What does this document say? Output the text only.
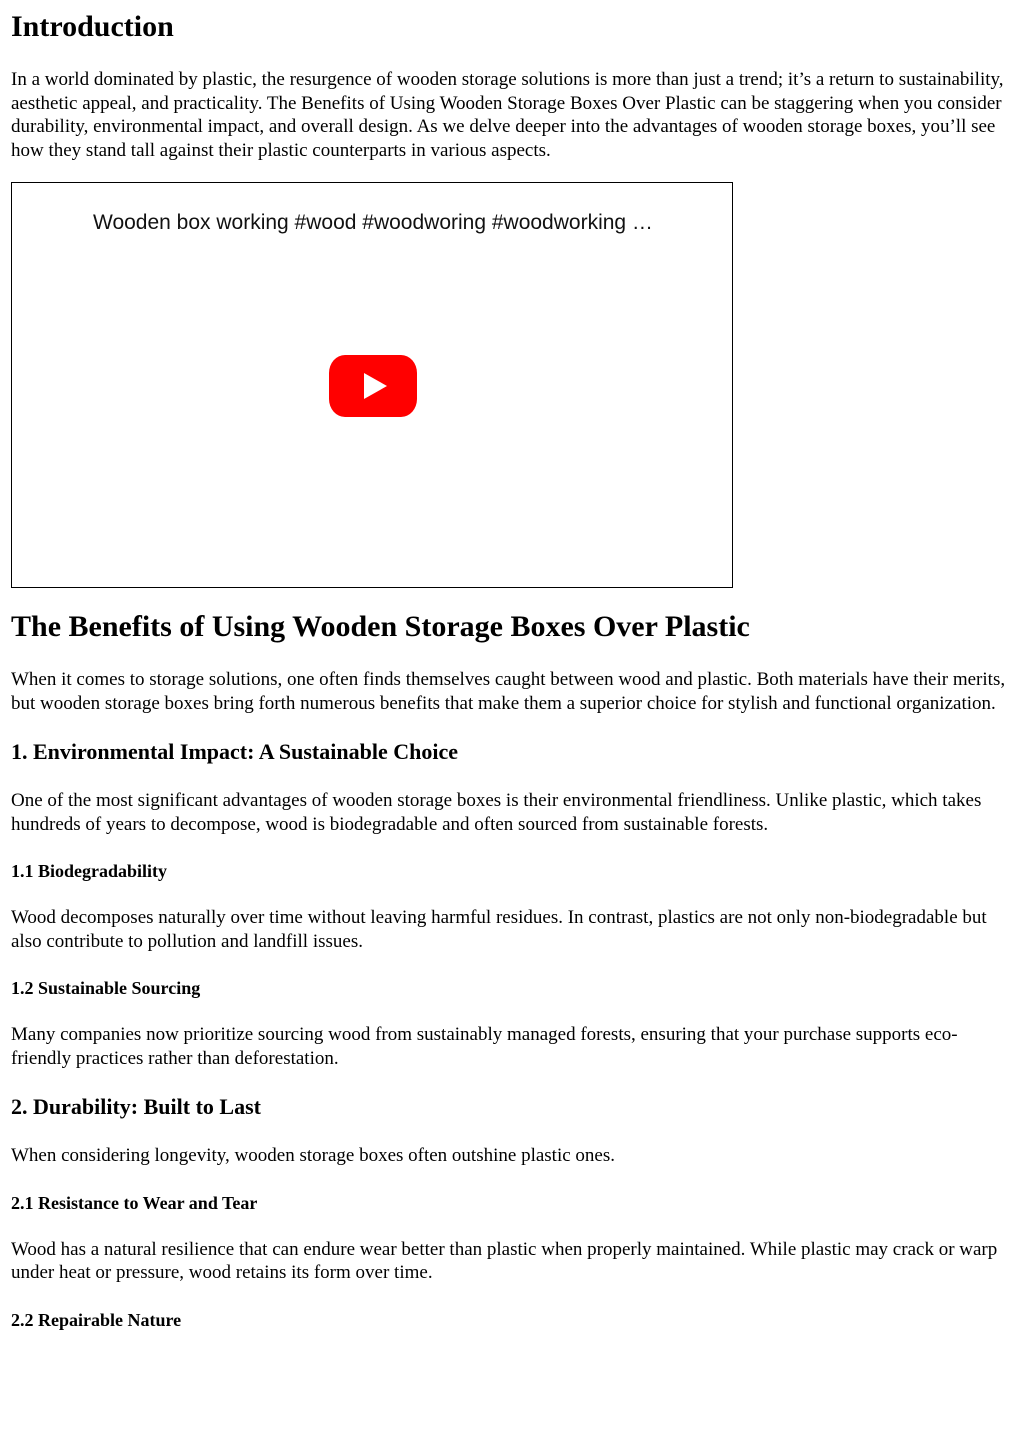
Introduction

In a world dominated by plastic, the resurgence of wooden storage solutions is more than just a trend; it’s a return to sustainability, aesthetic appeal, and practicality. The Benefits of Using Wooden Storage Boxes Over Plastic can be staggering when you consider durability, environmental impact, and overall design. As we delve deeper into the advantages of wooden storage boxes, you’ll see how they stand tall against their plastic counterparts in various aspects.

Wooden box working #wood #woodworing #woodworking …
The Benefits of Using Wooden Storage Boxes Over Plastic

When it comes to storage solutions, one often finds themselves caught between wood and plastic. Both materials have their merits, but wooden storage boxes bring forth numerous benefits that make them a superior choice for stylish and functional organization.

1. Environmental Impact: A Sustainable Choice

One of the most significant advantages of wooden storage boxes is their environmental friendliness. Unlike plastic, which takes hundreds of years to decompose, wood is biodegradable and often sourced from sustainable forests.

1.1 Biodegradability

Wood decomposes naturally over time without leaving harmful residues. In contrast, plastics are not only non-biodegradable but also contribute to pollution and landfill issues.

1.2 Sustainable Sourcing

Many companies now prioritize sourcing wood from sustainably managed forests, ensuring that your purchase supports eco-friendly practices rather than deforestation.

2. Durability: Built to Last

When considering longevity, wooden storage boxes often outshine plastic ones.

2.1 Resistance to Wear and Tear

Wood has a natural resilience that can endure wear better than plastic when properly maintained. While plastic may crack or warp under heat or pressure, wood retains its form over time.

2.2 Repairable Nature
